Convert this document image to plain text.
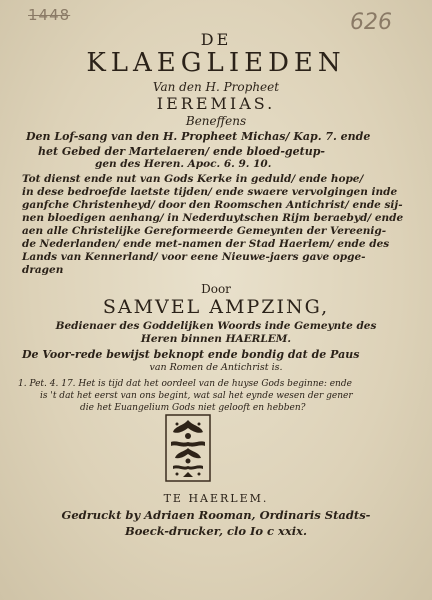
1448	626
DE
KLAEGLIEDEN
Van den H. Propheet
IEREMIAS.
Beneffens
Den Lof-sang van den H. Propheet Michas/ Kap. 7. ende
het Gebed der Martelaeren/ ende bloed-getup-
gen des Heren. Apoc. 6. 9. 10.
Tot dienst ende nut van Gods Kerke in geduld/ ende hope/
in dese bedroefde laetste tijden/ ende swaere vervolgingen inde
ganfche Christenheyd/ door den Roomschen Antichrist/ ende sij-
nen bloedigen aenhang/ in Nederduytschen Rijm beraebyd/ ende
aen alle Christelijke Gereformeerde Gemeynten der Vereenig-
de Nederlanden/ ende met-namen der Stad Haerlem/ ende des
Lands van Kennerland/ voor eene Nieuwe-jaers gave opge-
dragen
Door
SAMVEL AMPZING,
Bedienaer des Goddelijken Woords inde Gemeynte des
Heren binnen HAERLEM.
De Voor-rede bewijst beknopt ende bondig dat de Paus
van Romen de Antichrist is.
1. Pet. 4. 17. Het is tijd dat het oordeel van de huyse Gods beginne: ende
is 't dat het eerst van ons begint, wat sal het eynde wesen der gener
die het Euangelium Gods niet gelooft en hebben?
TE HAERLEM.
Gedruckt by Adriaen Rooman, Ordinaris Stadts-
Boeck-drucker, clo Io c xxix.
